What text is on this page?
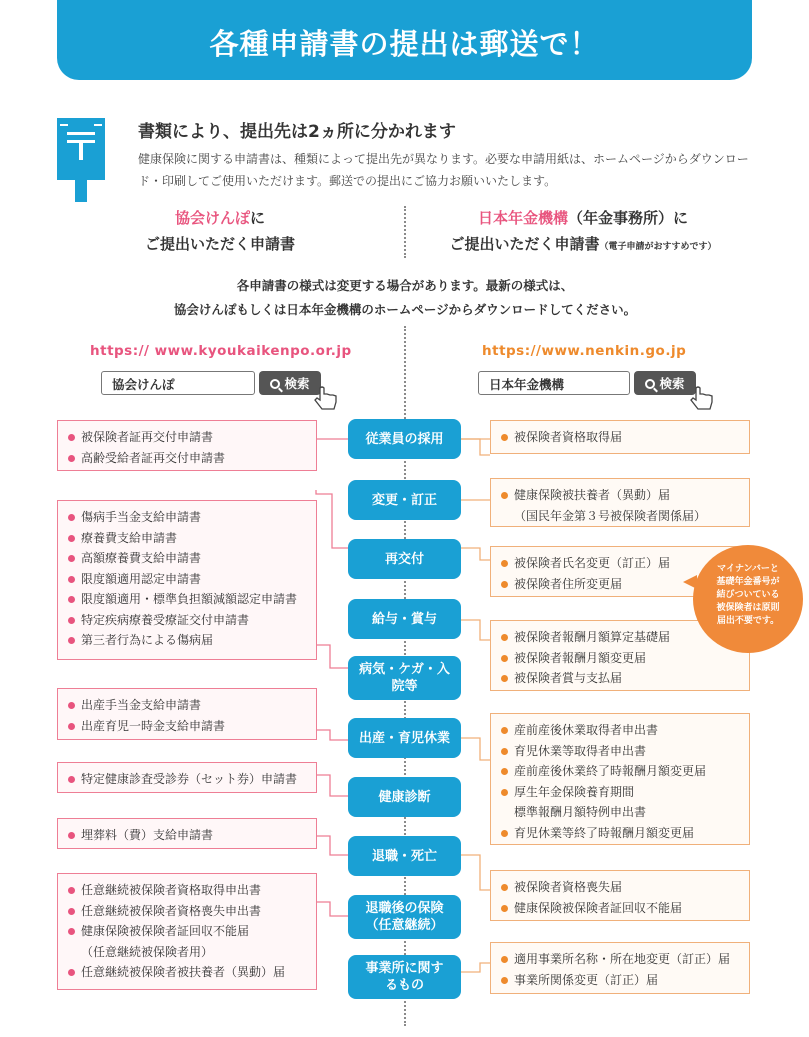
各種申請書の提出は郵送で！
書類により、提出先は2ヵ所に分かれます
健康保険に関する申請書は、種類によって提出先が異なります。必要な申請用紙は、ホームページからダウンロード・印刷してご使用いただけます。郵送での提出にご協力お願いいたします。
協会けんぽに
ご提出いただく申請書
日本年金機構（年金事務所）に
ご提出いただく申請書（電子申請がおすすめです）
各申請書の様式は変更する場合があります。最新の様式は、
協会けんぽもしくは日本年金機構のホームページからダウンロードしてください。
https:// www.kyoukaikenpo.or.jp	https://www.nenkin.go.jp
協会けんぽ	検索	日本年金機構	検索
従業員の採用
変更・訂正
再交付
給与・賞与
病気・ケガ・入院等
出産・育児休業
健康診断
退職・死亡
退職後の保険（任意継続）
事業所に関するもの
被保険者証再交付申請書
高齢受給者証再交付申請書
傷病手当金支給申請書
療養費支給申請書
高額療養費支給申請書
限度額適用認定申請書
限度額適用・標準負担額減額認定申請書
特定疾病療養受療証交付申請書
第三者行為による傷病届
出産手当金支給申請書
出産育児一時金支給申請書
特定健康診査受診券（セット券）申請書
埋葬料（費）支給申請書
任意継続被保険者資格取得申出書
任意継続被保険者資格喪失申出書
健康保険被保険者証回収不能届
（任意継続被保険者用）
任意継続被保険者被扶養者（異動）届
被保険者資格取得届
健康保険被扶養者（異動）届
（国民年金第３号被保険者関係届）
被保険者氏名変更（訂正）届
被保険者住所変更届
被保険者報酬月額算定基礎届
被保険者報酬月額変更届
被保険者賞与支払届
産前産後休業取得者申出書
育児休業等取得者申出書
産前産後休業終了時報酬月額変更届
厚生年金保険養育期間
標準報酬月額特例申出書
育児休業等終了時報酬月額変更届
被保険者資格喪失届
健康保険被保険者証回収不能届
適用事業所名称・所在地変更（訂正）届
事業所関係変更（訂正）届
マイナンバーと
基礎年金番号が
結びついている
被保険者は原則
届出不要です。
